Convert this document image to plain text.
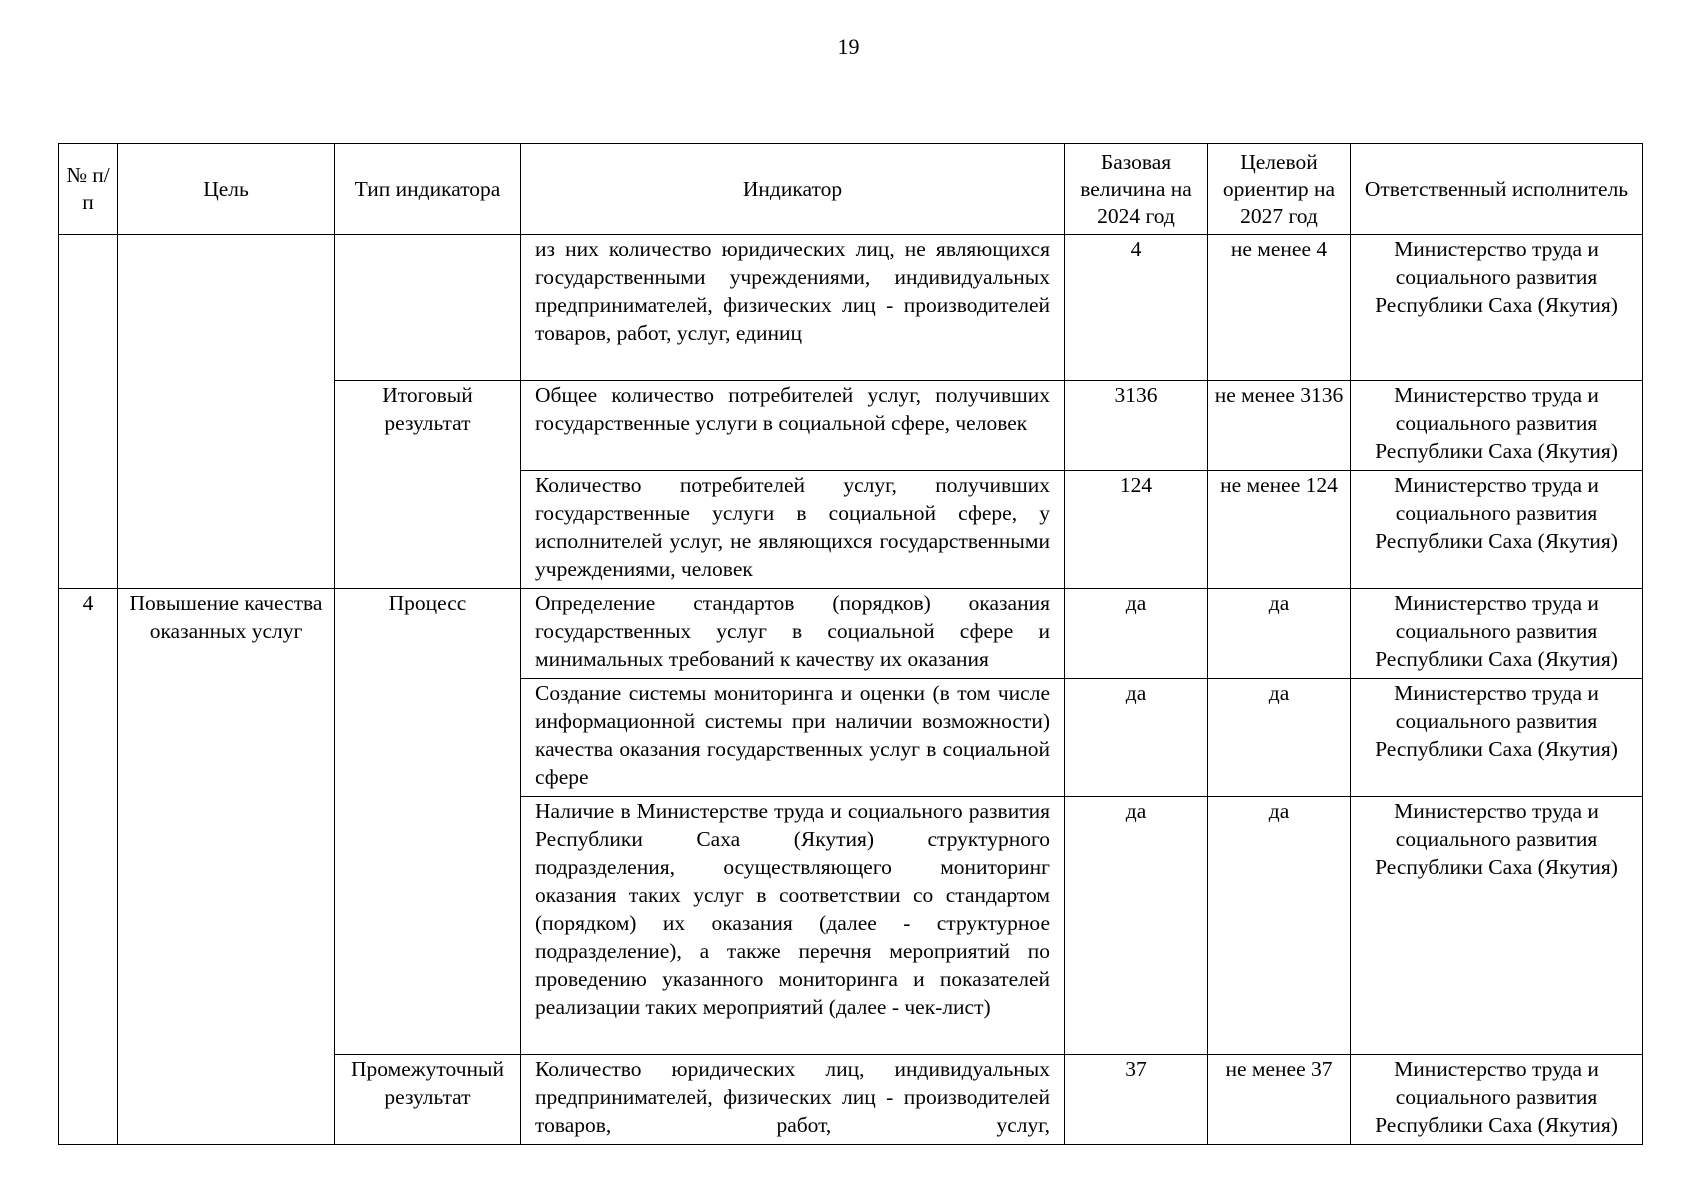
19
№ п/п	Цель	Тип индикатора	Индикатор	Базовая величина на 2024 год	Целевой ориентир на 2027 год	Ответственный исполнитель
			из них количество юридических лиц, не являющихся государственными учреждениями, индивидуальных предпринимателей, физических лиц - производителей товаров, работ, услуг, единиц	4	не менее 4	Министерство труда и социального развития Республики Саха (Якутия)
		Итоговый результат	Общее количество потребителей услуг, получивших государственные услуги в социальной сфере, человек	3136	не менее 3136	Министерство труда и социального развития Республики Саха (Якутия)
			Количество потребителей услуг, получивших государственные услуги в социальной сфере, у исполнителей услуг, не являющихся государственными учреждениями, человек	124	не менее 124	Министерство труда и социального развития Республики Саха (Якутия)
4	Повышение качества оказанных услуг	Процесс	Определение стандартов (порядков) оказания государственных услуг в социальной сфере и минимальных требований к качеству их оказания	да	да	Министерство труда и социального развития Республики Саха (Якутия)
			Создание системы мониторинга и оценки (в том числе информационной системы при наличии возможности) качества оказания государственных услуг в социальной сфере	да	да	Министерство труда и социального развития Республики Саха (Якутия)
			Наличие в Министерстве труда и социального развития Республики Саха (Якутия) структурного подразделения, осуществляющего мониторинг оказания таких услуг в соответствии со стандартом (порядком) их оказания (далее - структурное подразделение), а также перечня мероприятий по проведению указанного мониторинга и показателей реализации таких мероприятий (далее - чек-лист)	да	да	Министерство труда и социального развития Республики Саха (Якутия)
		Промежуточный результат	Количество юридических лиц, индивидуальных предпринимателей, физических лиц - производителей товаров, работ, услуг,	37	не менее 37	Министерство труда и социального развития Республики Саха (Якутия)
